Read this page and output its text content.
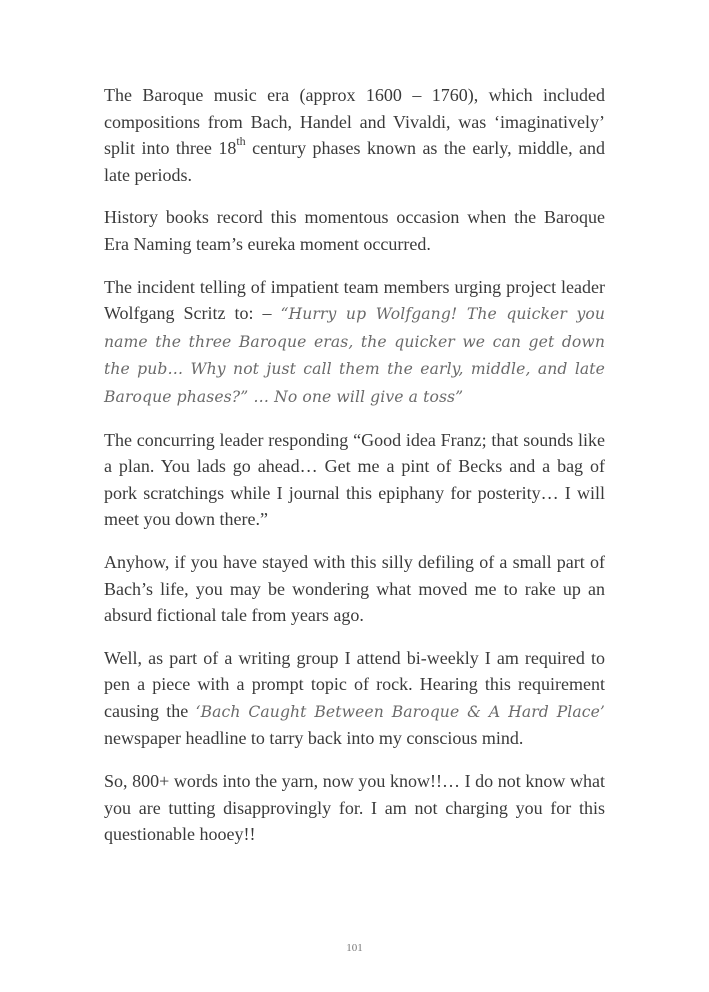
The Baroque music era (approx 1600 – 1760), which included compositions from Bach, Handel and Vivaldi, was ‘imaginatively’ split into three 18th century phases known as the early, middle, and late periods.

History books record this momentous occasion when the Baroque Era Naming team’s eureka moment occurred.

The incident telling of impatient team members urging project leader Wolfgang Scritz to: – “Hurry up Wolfgang! The quicker you name the three Baroque eras, the quicker we can get down the pub… Why not just call them the early, middle, and late Baroque phases?” … No one will give a toss”

The concurring leader responding “Good idea Franz; that sounds like a plan. You lads go ahead… Get me a pint of Becks and a bag of pork scratchings while I journal this epiphany for posterity… I will meet you down there.”

Anyhow, if you have stayed with this silly defiling of a small part of Bach’s life, you may be wondering what moved me to rake up an absurd fictional tale from years ago.

Well, as part of a writing group I attend bi-weekly I am required to pen a piece with a prompt topic of rock. Hearing this requirement causing the ‘Bach Caught Between Baroque & A Hard Place’ newspaper headline to tarry back into my conscious mind.

So, 800+ words into the yarn, now you know!!… I do not know what you are tutting disapprovingly for. I am not charging you for this questionable hooey!!

101
